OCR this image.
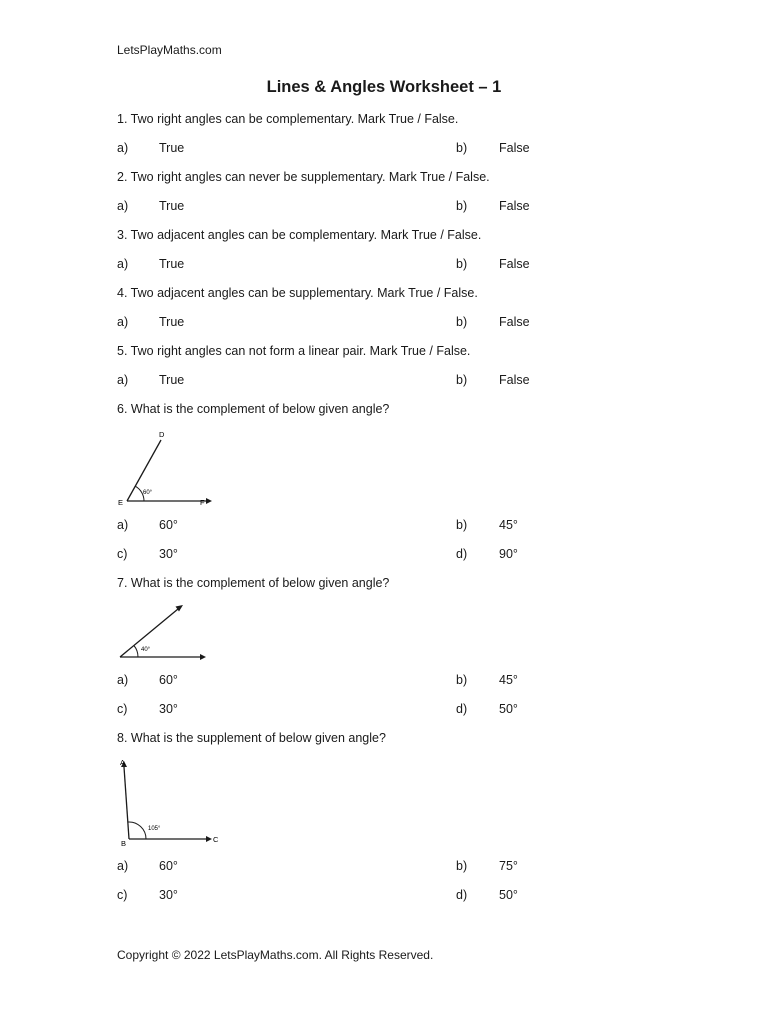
LetsPlayMaths.com
Lines & Angles Worksheet – 1
1. Two right angles can be complementary. Mark True / False.
a) True	b)	False
2. Two right angles can never be supplementary. Mark True / False.
a) True	b)	False
3. Two adjacent angles can be complementary. Mark True / False.
a) True	b)	False
4. Two adjacent angles can be supplementary. Mark True / False.
a) True	b)	False
5. Two right angles can not form a linear pair. Mark True / False.
a) True	b)	False
6. What is the complement of below given angle?
60°
D
E	F
a) 60°	b)	45°
c)	30°	d)	90°
7. What is the complement of below given angle?
40°
a) 60°	b)	45°
c)	30°	d)	50°
8. What is the supplement of below given angle?
105°
A
B	C
a) 60°	b)	75°
c)	30°	d)	50°
Copyright © 2022 LetsPlayMaths.com. All Rights Reserved.
